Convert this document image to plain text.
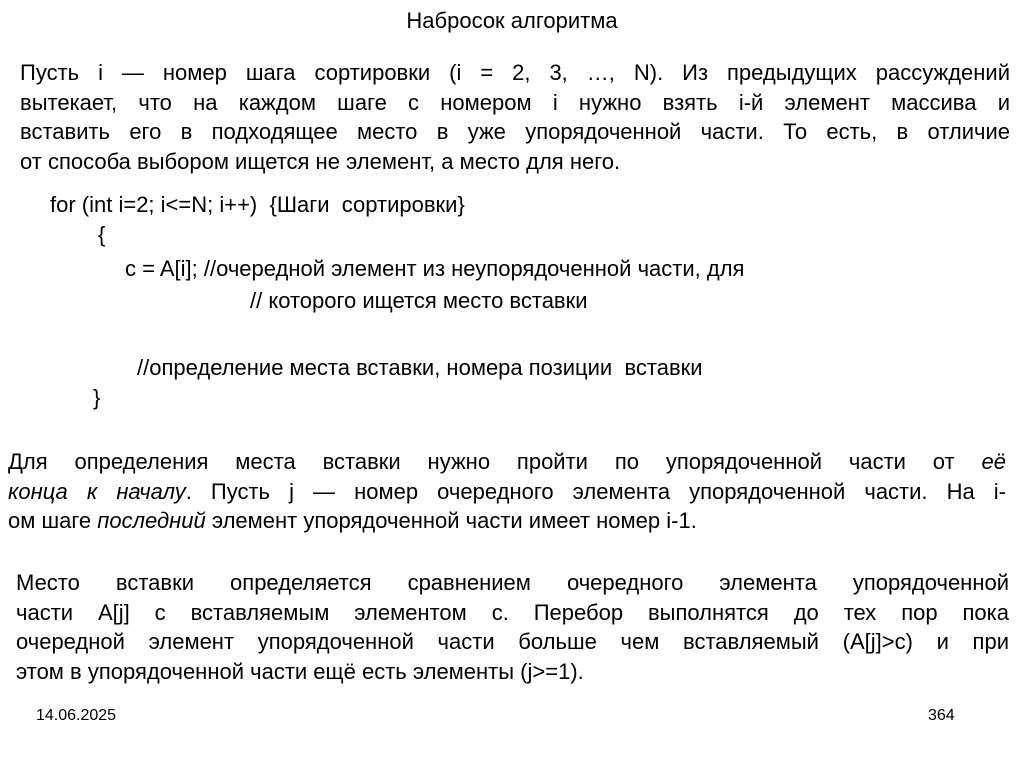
Набросок алгоритма
Пусть i — номер шага сортировки (i = 2, 3, …, N). Из предыдущих рассуждений
вытекает, что на каждом шаге с номером i нужно взять i-й элемент массива и
вставить его в подходящее место в уже упорядоченной части. То есть, в отличие
от способа выбором ищется не элемент, а место для него.
for (int i=2; i<=N; i++)  {Шаги  сортировки}
{
c = A[i]; //очередной элемент из неупорядоченной части, для
// которого ищется место вставки
//определение места вставки, номера позиции  вставки
}
Для определения места вставки нужно пройти по упорядоченной части от её
конца к началу. Пусть j — номер очередного элемента упорядоченной части. На i-
ом шаге последний элемент упорядоченной части имеет номер i-1.
Место вставки определяется сравнением очередного элемента упорядоченной
части A[j] с вставляемым элементом c. Перебор выполнятся до тех пор пока
очередной элемент упорядоченной части больше чем вставляемый (A[j]>c) и при
этом в упорядоченной части ещё есть элементы (j>=1).
14.06.2025	364
